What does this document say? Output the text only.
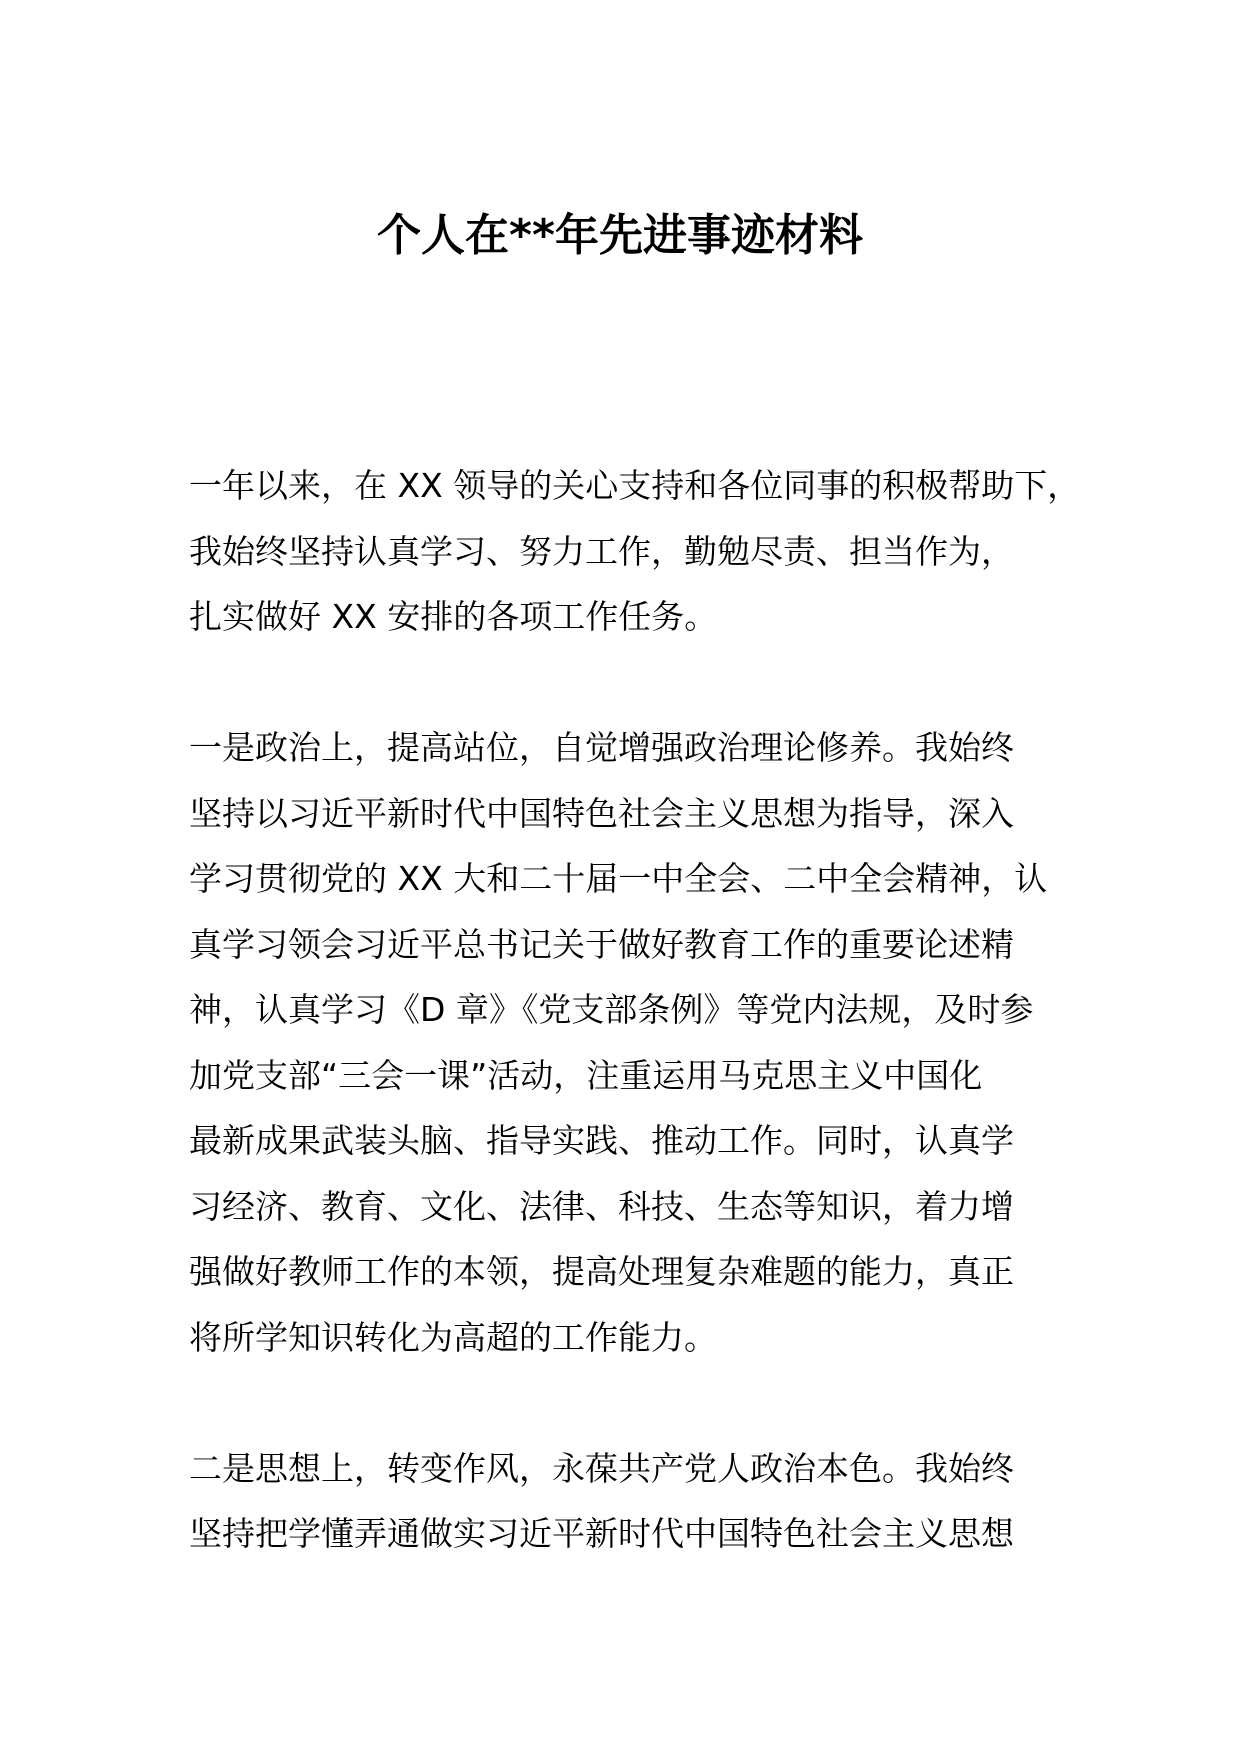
个人在**年先进事迹材料
一年以来，在 XX 领导的关心支持和各位同事的积极帮助下，
我始终坚持认真学习、努力工作，勤勉尽责、担当作为，
扎实做好 XX 安排的各项工作任务。
一是政治上，提高站位，自觉增强政治理论修养。我始终
坚持以习近平新时代中国特色社会主义思想为指导，深入
学习贯彻党的 XX 大和二十届一中全会、二中全会精神，认
真学习领会习近平总书记关于做好教育工作的重要论述精
神，认真学习《D 章》《党支部条例》等党内法规，及时参
加党支部“三会一课”活动，注重运用马克思主义中国化
最新成果武装头脑、指导实践、推动工作。同时，认真学
习经济、教育、文化、法律、科技、生态等知识，着力增
强做好教师工作的本领，提高处理复杂难题的能力，真正
将所学知识转化为高超的工作能力。
二是思想上，转变作风，永葆共产党人政治本色。我始终
坚持把学懂弄通做实习近平新时代中国特色社会主义思想
